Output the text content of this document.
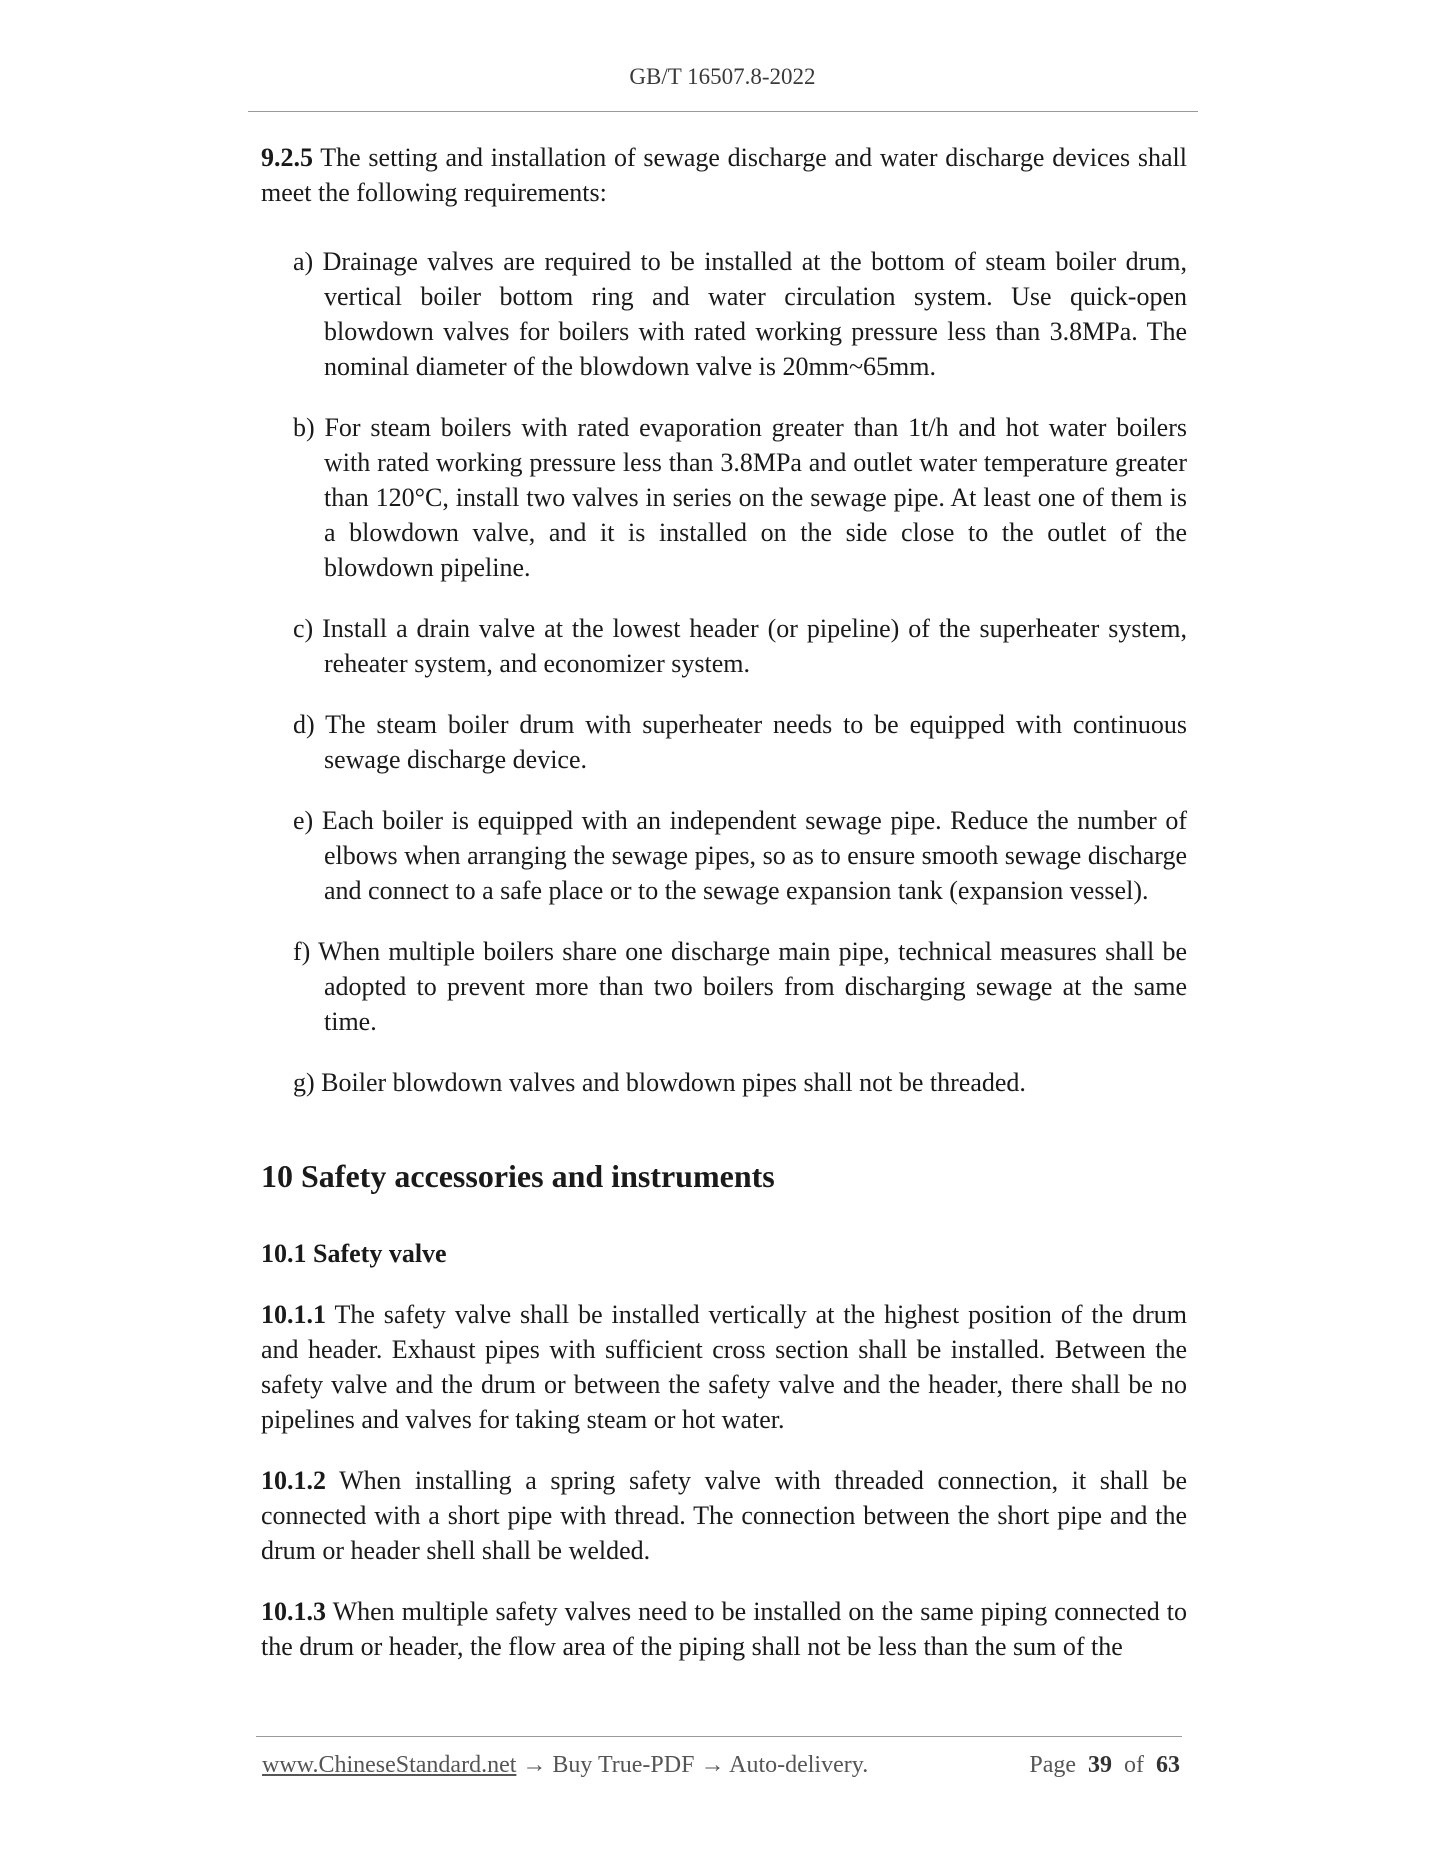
GB/T 16507.8-2022

9.2.5 The setting and installation of sewage discharge and water discharge devices shall meet the following requirements:

a) Drainage valves are required to be installed at the bottom of steam boiler drum, vertical boiler bottom ring and water circulation system. Use quick-open blowdown valves for boilers with rated working pressure less than 3.8MPa. The nominal diameter of the blowdown valve is 20mm~65mm.
b) For steam boilers with rated evaporation greater than 1t/h and hot water boilers with rated working pressure less than 3.8MPa and outlet water temperature greater than 120°C, install two valves in series on the sewage pipe. At least one of them is a blowdown valve, and it is installed on the side close to the outlet of the blowdown pipeline.
c) Install a drain valve at the lowest header (or pipeline) of the superheater system, reheater system, and economizer system.
d) The steam boiler drum with superheater needs to be equipped with continuous sewage discharge device.
e) Each boiler is equipped with an independent sewage pipe. Reduce the number of elbows when arranging the sewage pipes, so as to ensure smooth sewage discharge and connect to a safe place or to the sewage expansion tank (expansion vessel).
f) When multiple boilers share one discharge main pipe, technical measures shall be adopted to prevent more than two boilers from discharging sewage at the same time.
g) Boiler blowdown valves and blowdown pipes shall not be threaded.
10 Safety accessories and instruments
10.1 Safety valve

10.1.1 The safety valve shall be installed vertically at the highest position of the drum and header. Exhaust pipes with sufficient cross section shall be installed. Between the safety valve and the drum or between the safety valve and the header, there shall be no pipelines and valves for taking steam or hot water.

10.1.2 When installing a spring safety valve with threaded connection, it shall be connected with a short pipe with thread. The connection between the short pipe and the drum or header shell shall be welded.

10.1.3 When multiple safety valves need to be installed on the same piping connected to the drum or header, the flow area of the piping shall not be less than the sum of the

www.ChineseStandard.net → Buy True-PDF → Auto-delivery.	Page 39 of 63
